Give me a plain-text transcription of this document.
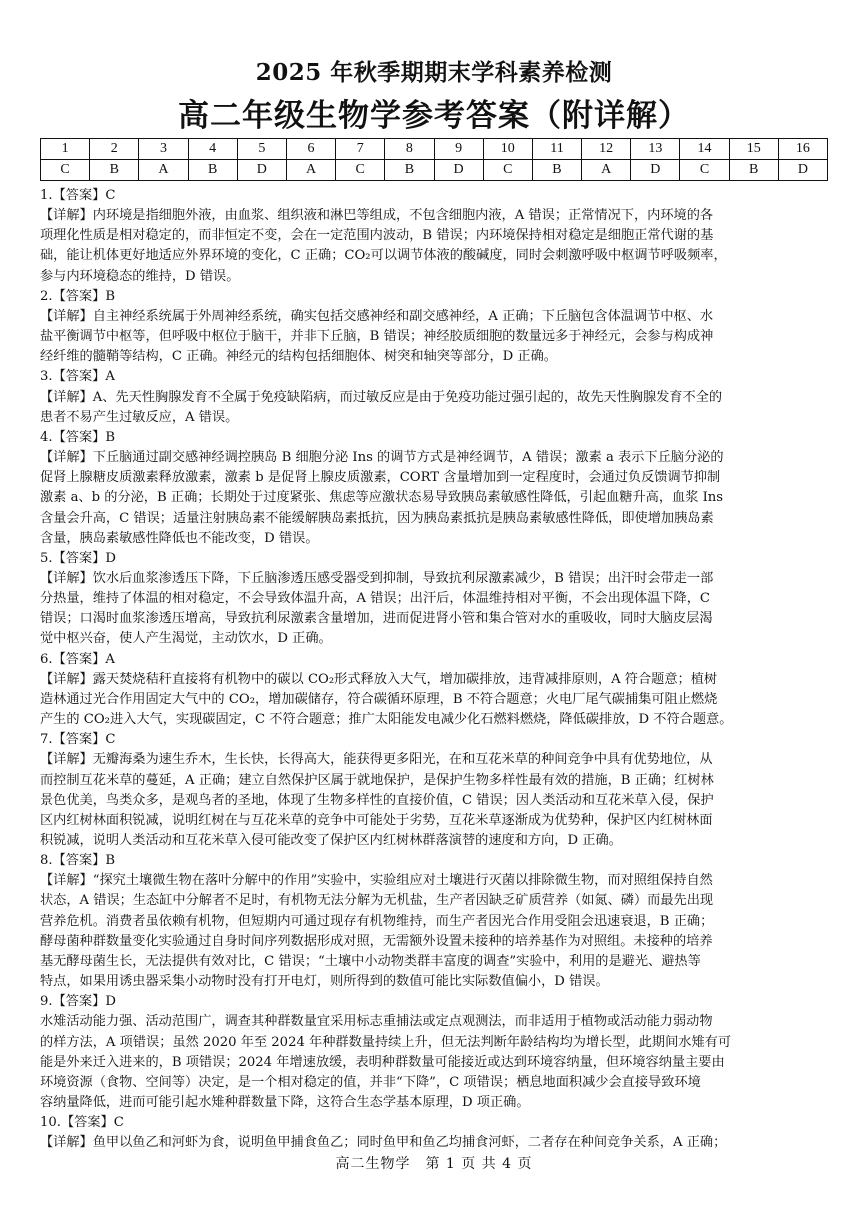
2025 年秋季期期末学科素养检测
高二年级生物学参考答案（附详解）
1	2	3	4	5	6	7	8	9	10	11	12	13	14	15	16
C	B	A	B	D	A	C	B	D	C	B	A	D	C	B	D

1.【答案】C

【详解】内环境是指细胞外液，由血浆、组织液和淋巴等组成，不包含细胞内液，A 错误；正常情况下，内环境的各

项理化性质是相对稳定的，而非恒定不变，会在一定范围内波动，B 错误；内环境保持相对稳定是细胞正常代谢的基

础，能让机体更好地适应外界环境的变化，C 正确；CO₂可以调节体液的酸碱度，同时会刺激呼吸中枢调节呼吸频率，

参与内环境稳态的维持，D 错误。

2.【答案】B

【详解】自主神经系统属于外周神经系统，确实包括交感神经和副交感神经，A 正确；下丘脑包含体温调节中枢、水

盐平衡调节中枢等，但呼吸中枢位于脑干，并非下丘脑，B 错误；神经胶质细胞的数量远多于神经元，会参与构成神

经纤维的髓鞘等结构，C 正确。神经元的结构包括细胞体、树突和轴突等部分，D 正确。

3.【答案】A

【详解】A、先天性胸腺发育不全属于免疫缺陷病，而过敏反应是由于免疫功能过强引起的，故先天性胸腺发育不全的

患者不易产生过敏反应，A 错误。

4.【答案】B

【详解】下丘脑通过副交感神经调控胰岛 B 细胞分泌 Ins 的调节方式是神经调节，A 错误；激素 a 表示下丘脑分泌的

促肾上腺糖皮质激素释放激素，激素 b 是促肾上腺皮质激素，CORT 含量增加到一定程度时，会通过负反馈调节抑制

激素 a、b 的分泌，B 正确；长期处于过度紧张、焦虑等应激状态易导致胰岛素敏感性降低，引起血糖升高，血浆 Ins

含量会升高，C 错误；适量注射胰岛素不能缓解胰岛素抵抗，因为胰岛素抵抗是胰岛素敏感性降低，即使增加胰岛素

含量，胰岛素敏感性降低也不能改变，D 错误。

5.【答案】D

【详解】饮水后血浆渗透压下降，下丘脑渗透压感受器受到抑制，导致抗利尿激素减少，B 错误；出汗时会带走一部

分热量，维持了体温的相对稳定，不会导致体温升高，A 错误；出汗后，体温维持相对平衡，不会出现体温下降，C

错误；口渴时血浆渗透压增高，导致抗利尿激素含量增加，进而促进肾小管和集合管对水的重吸收，同时大脑皮层渴

觉中枢兴奋，使人产生渴觉，主动饮水，D 正确。

6.【答案】A

【详解】露天焚烧秸秆直接将有机物中的碳以 CO₂形式释放入大气，增加碳排放，违背减排原则，A 符合题意；植树

造林通过光合作用固定大气中的 CO₂，增加碳储存，符合碳循环原理，B 不符合题意；火电厂尾气碳捕集可阻止燃烧

产生的 CO₂进入大气，实现碳固定，C 不符合题意；推广太阳能发电减少化石燃料燃烧，降低碳排放，D 不符合题意。

7.【答案】C

【详解】无瓣海桑为速生乔木，生长快，长得高大，能获得更多阳光，在和互花米草的种间竞争中具有优势地位，从

而控制互花米草的蔓延，A 正确；建立自然保护区属于就地保护，是保护生物多样性最有效的措施，B 正确；红树林

景色优美，鸟类众多，是观鸟者的圣地，体现了生物多样性的直接价值，C 错误；因人类活动和互花米草入侵，保护

区内红树林面积锐减，说明红树在与互花米草的竞争中可能处于劣势，互花米草逐渐成为优势种，保护区内红树林面

积锐减，说明人类活动和互花米草入侵可能改变了保护区内红树林群落演替的速度和方向，D 正确。

8.【答案】B

【详解】“探究土壤微生物在落叶分解中的作用”实验中，实验组应对土壤进行灭菌以排除微生物，而对照组保持自然

状态，A 错误；生态缸中分解者不足时，有机物无法分解为无机盐，生产者因缺乏矿质营养（如氮、磷）而最先出现

营养危机。消费者虽依赖有机物，但短期内可通过现存有机物维持，而生产者因光合作用受阻会迅速衰退，B 正确；

酵母菌种群数量变化实验通过自身时间序列数据形成对照，无需额外设置未接种的培养基作为对照组。未接种的培养

基无酵母菌生长，无法提供有效对比，C 错误；“土壤中小动物类群丰富度的调查”实验中，利用的是避光、避热等

特点，如果用诱虫器采集小动物时没有打开电灯，则所得到的数值可能比实际数值偏小，D 错误。

9.【答案】D

水雉活动能力强、活动范围广，调查其种群数量宜采用标志重捕法或定点观测法，而非适用于植物或活动能力弱动物

的样方法，A 项错误；虽然 2020 年至 2024 年种群数量持续上升，但无法判断年龄结构均为增长型，此期间水雉有可

能是外来迁入进来的，B 项错误；2024 年增速放缓，表明种群数量可能接近或达到环境容纳量，但环境容纳量主要由

环境资源（食物、空间等）决定，是一个相对稳定的值，并非“下降”，C 项错误；栖息地面积减少会直接导致环境

容纳量降低，进而可能引起水雉种群数量下降，这符合生态学基本原理，D 项正确。

10.【答案】C

【详解】鱼甲以鱼乙和河虾为食，说明鱼甲捕食鱼乙；同时鱼甲和鱼乙均捕食河虾，二者存在种间竞争关系，A 正确；

高二生物学　第 1 页 共 4 页
